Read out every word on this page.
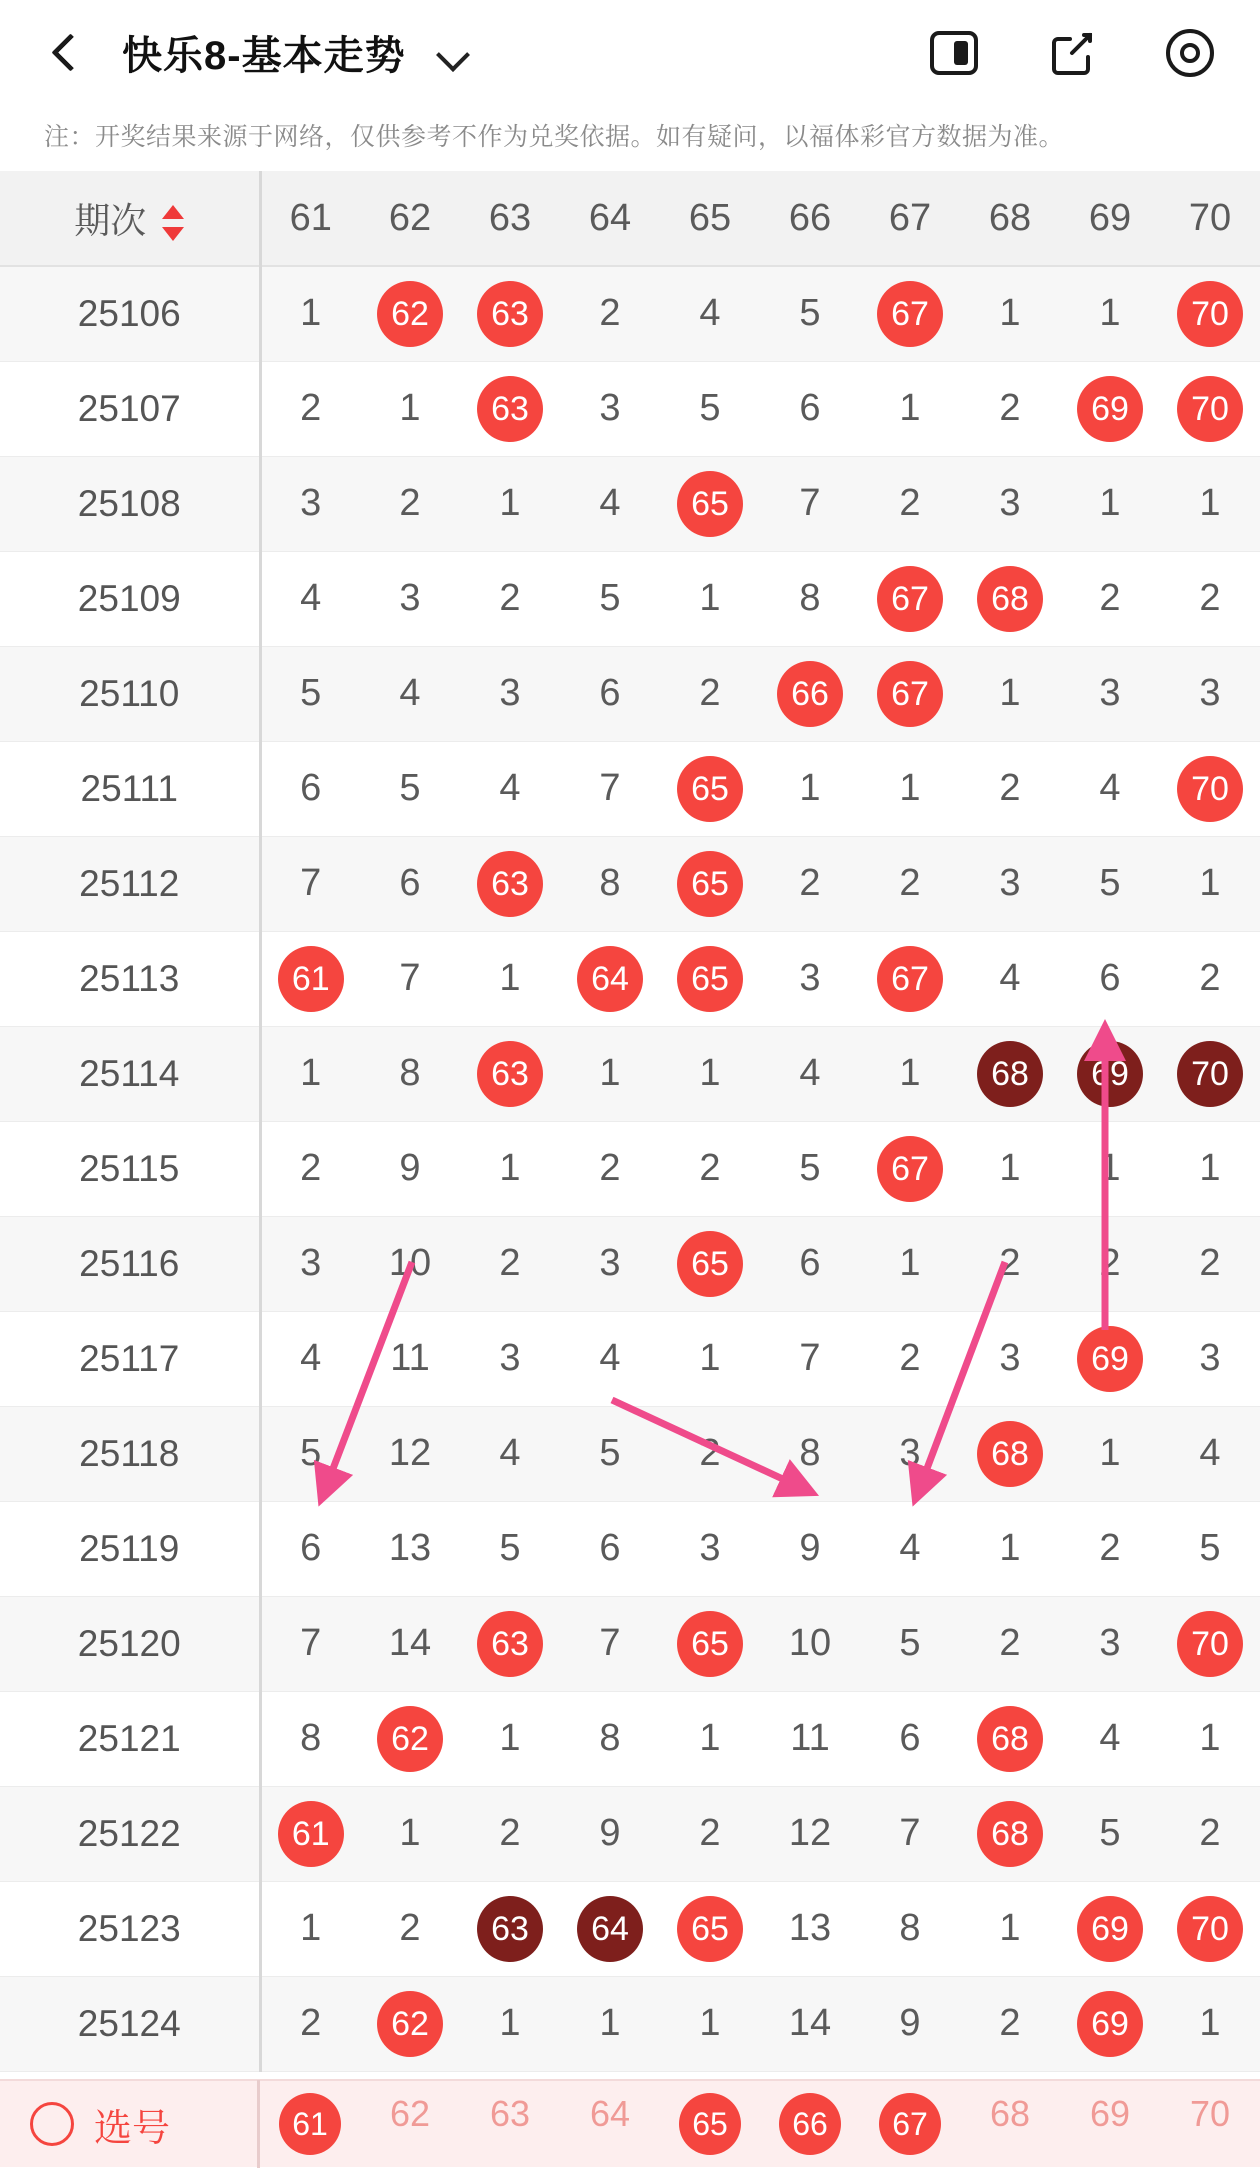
快乐8-基本走势
注：开奖结果来源于网络，仅供参考不作为兑奖依据。如有疑问，以福体彩官方数据为准。
期次	61	62	63	64	65	66	67	68	69	70
25106	1	62	63	2	4	5	67	1	1	70
25107	2	1	63	3	5	6	1	2	69	70
25108	3	2	1	4	65	7	2	3	1	1
25109	4	3	2	5	1	8	67	68	2	2
25110	5	4	3	6	2	66	67	1	3	3
25111	6	5	4	7	65	1	1	2	4	70
25112	7	6	63	8	65	2	2	3	5	1
25113	61	7	1	64	65	3	67	4	6	2
25114	1	8	63	1	1	4	1	68	69	70
25115	2	9	1	2	2	5	67	1	1	1
25116	3	10	2	3	65	6	1	2	2	2
25117	4	11	3	4	1	7	2	3	69	3
25118	5	12	4	5	2	8	3	68	1	4
25119	6	13	5	6	3	9	4	1	2	5
25120	7	14	63	7	65	10	5	2	3	70
25121	8	62	1	8	1	11	6	68	4	1
25122	61	1	2	9	2	12	7	68	5	2
25123	1	2	63	64	65	13	8	1	69	70
25124	2	62	1	1	1	14	9	2	69	1
选号	61	62	63	64	65	66	67	68	69	70
